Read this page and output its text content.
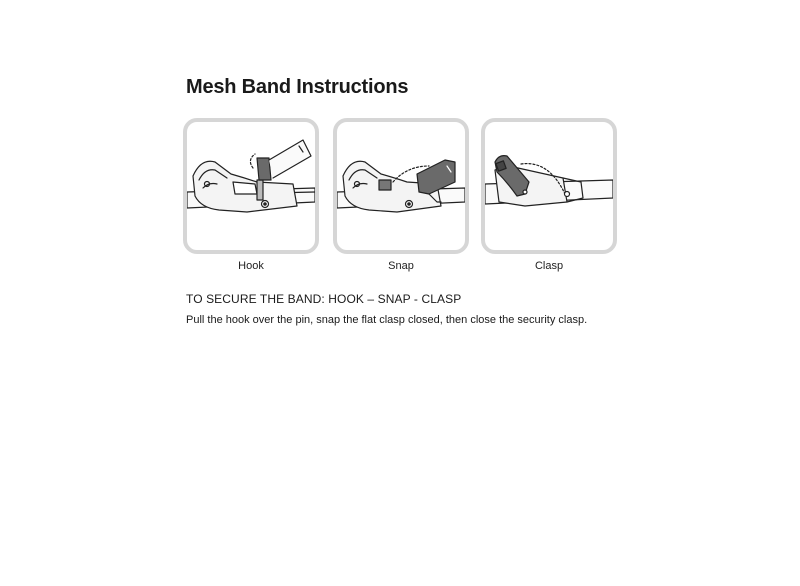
Mesh Band Instructions
Hook	Snap	Clasp
TO SECURE THE BAND: HOOK – SNAP - CLASP

Pull the hook over the pin, snap the flat clasp closed, then close the security clasp.
